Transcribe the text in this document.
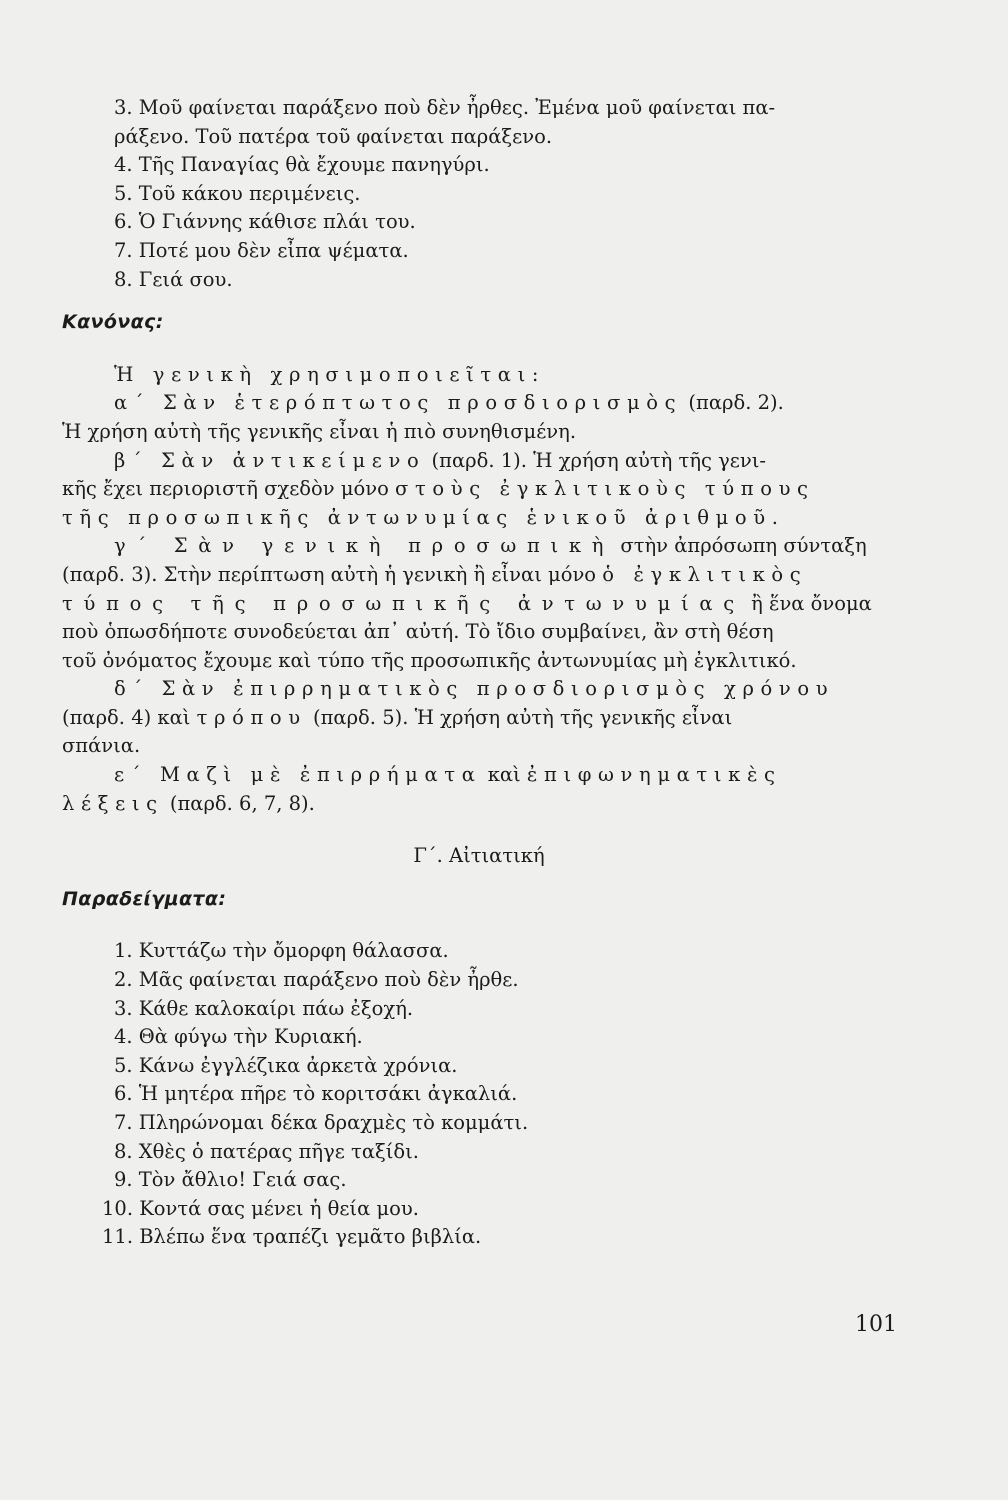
3. Μοῦ φαίνεται παράξενο ποὺ δὲν ἦρθες. Ἐμένα μοῦ φαίνεται πα-
ράξενο. Τοῦ πατέρα τοῦ φαίνεται παράξενο.
4. Τῆς Παναγίας θὰ ἔχουμε πανηγύρι.
5. Τοῦ κάκου περιμένεις.
6. Ὁ Γιάννης κάθισε πλάι του.
7. Ποτέ μου δὲν εἶπα ψέματα.
8. Γειά σου.
Κανόνας:
Ἡ γενικὴ χρησιμοποιεῖται:
α΄ Σὰν ἑτερόπτωτος προσδιορισμὸς (παρδ. 2).
Ἡ χρήση αὐτὴ τῆς γενικῆς εἶναι ἡ πιὸ συνηθισμένη.
β΄ Σὰν ἀντικείμενο (παρδ. 1). Ἡ χρήση αὐτὴ τῆς γενι-
κῆς ἔχει περιοριστῆ σχεδὸν μόνο στοὺς ἐγκλιτικοὺς τύπους
τῆς προσωπικῆς ἀντωνυμίας ἑνικοῦ ἀριθμοῦ.
γ΄ Σὰν γενικὴ προσωπικὴ στὴν ἀπρόσωπη σύνταξη
(παρδ. 3). Στὴν περίπτωση αὐτὴ ἡ γενικὴ ἢ εἶναι μόνο ὁ ἐγκλιτικὸς
τύπος τῆς προσωπικῆς ἀντωνυμίας ἢ ἕνα ὄνομα
ποὺ ὁπωσδήποτε συνοδεύεται ἀπ᾿ αὐτή. Τὸ ἴδιο συμβαίνει, ἂν στὴ θέση
τοῦ ὀνόματος ἔχουμε καὶ τύπο τῆς προσωπικῆς ἀντωνυμίας μὴ ἐγκλιτικό.
δ΄ Σὰν ἐπιρρηματικὸς προσδιορισμὸς χρόνου
(παρδ. 4) καὶ τρόπου (παρδ. 5). Ἡ χρήση αὐτὴ τῆς γενικῆς εἶναι
σπάνια.
ε΄ Μαζὶ μὲ ἐπιρρήματα καὶ ἐπιφωνηματικὲς
λέξεις (παρδ. 6, 7, 8).
Γ΄. Αἰτιατική
Παραδείγματα:
1. Κυττάζω τὴν ὄμορφη θάλασσα.
2. Μᾶς φαίνεται παράξενο ποὺ δὲν ἦρθε.
3. Κάθε καλοκαίρι πάω ἐξοχή.
4. Θὰ φύγω τὴν Κυριακή.
5. Κάνω ἐγγλέζικα ἀρκετὰ χρόνια.
6. Ἡ μητέρα πῆρε τὸ κοριτσάκι ἀγκαλιά.
7. Πληρώνομαι δέκα δραχμὲς τὸ κομμάτι.
8. Χθὲς ὁ πατέρας πῆγε ταξίδι.
9. Τὸν ἄθλιο! Γειά σας.
10. Κοντά σας μένει ἡ θεία μου.
11. Βλέπω ἕνα τραπέζι γεμᾶτο βιβλία.
101
